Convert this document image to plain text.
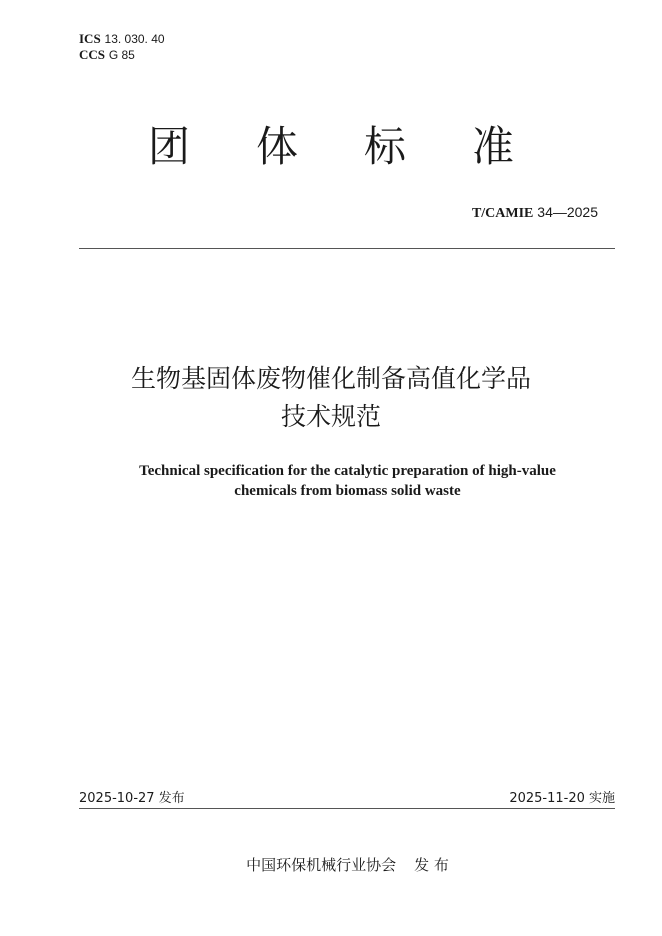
ICS 13. 030. 40
CCS G 85
团 体 标 准
T/CAMIE 34—2025
生物基固体废物催化制备高值化学品
技术规范
Technical specification for the catalytic preparation of high-value
chemicals from biomass solid waste
2025-10-27 发布	2025-11-20 实施
中国环保机械行业协会 发 布
